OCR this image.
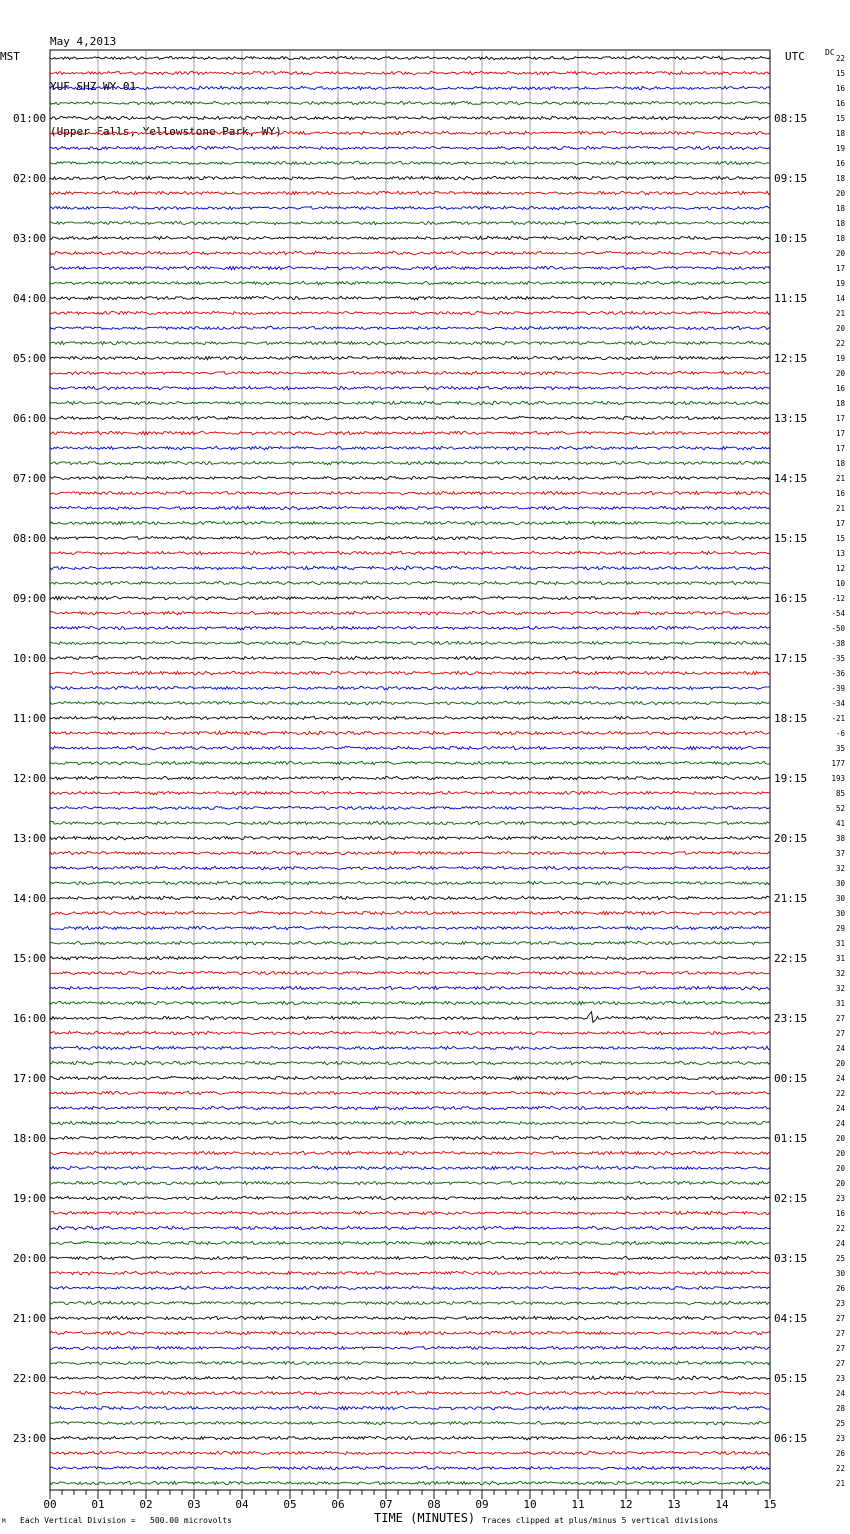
May 4,2013

YUF SHZ WY 01

(Upper Falls, Yellowstone Park, WY)

MST	UTC	DC
01:00
02:00
03:00
04:00
05:00
06:00
07:00
08:00
09:00
10:00
11:00
12:00
13:00
14:00
15:00
16:00
17:00
18:00
19:00
20:00
21:00
22:00
23:00
08:15
09:15
10:15
11:15
12:15
13:15
14:15
15:15
16:15
17:15
18:15
19:15
20:15
21:15
22:15
23:15
00:15
01:15
02:15
03:15
04:15
05:15
06:15
22
15
16
16
15
18
19
16
18
20
18
18
18
20
17
19
14
21
20
22
19
20
16
18
17
17
17
18
21
16
21
17
15
13
12
10
-12
-54
-50
-38
-35
-36
-39
-34
-21
-6
35
177
193
85
52
41
38
37
32
30
30
30
29
31
31
32
32
31
27
27
24
20
24
22
24
24
20
20
20
20
23
16
22
24
25
30
26
23
27
27
27
27
23
24
28
25
23
26
22
21
00	01	02	03	04	05	06	07	08	09	10	11	12	13	14	15
TIME (MINUTES)
Each Vertical Division =   500.00 microvolts	Traces clipped at plus/minus 5 vertical divisions
M
